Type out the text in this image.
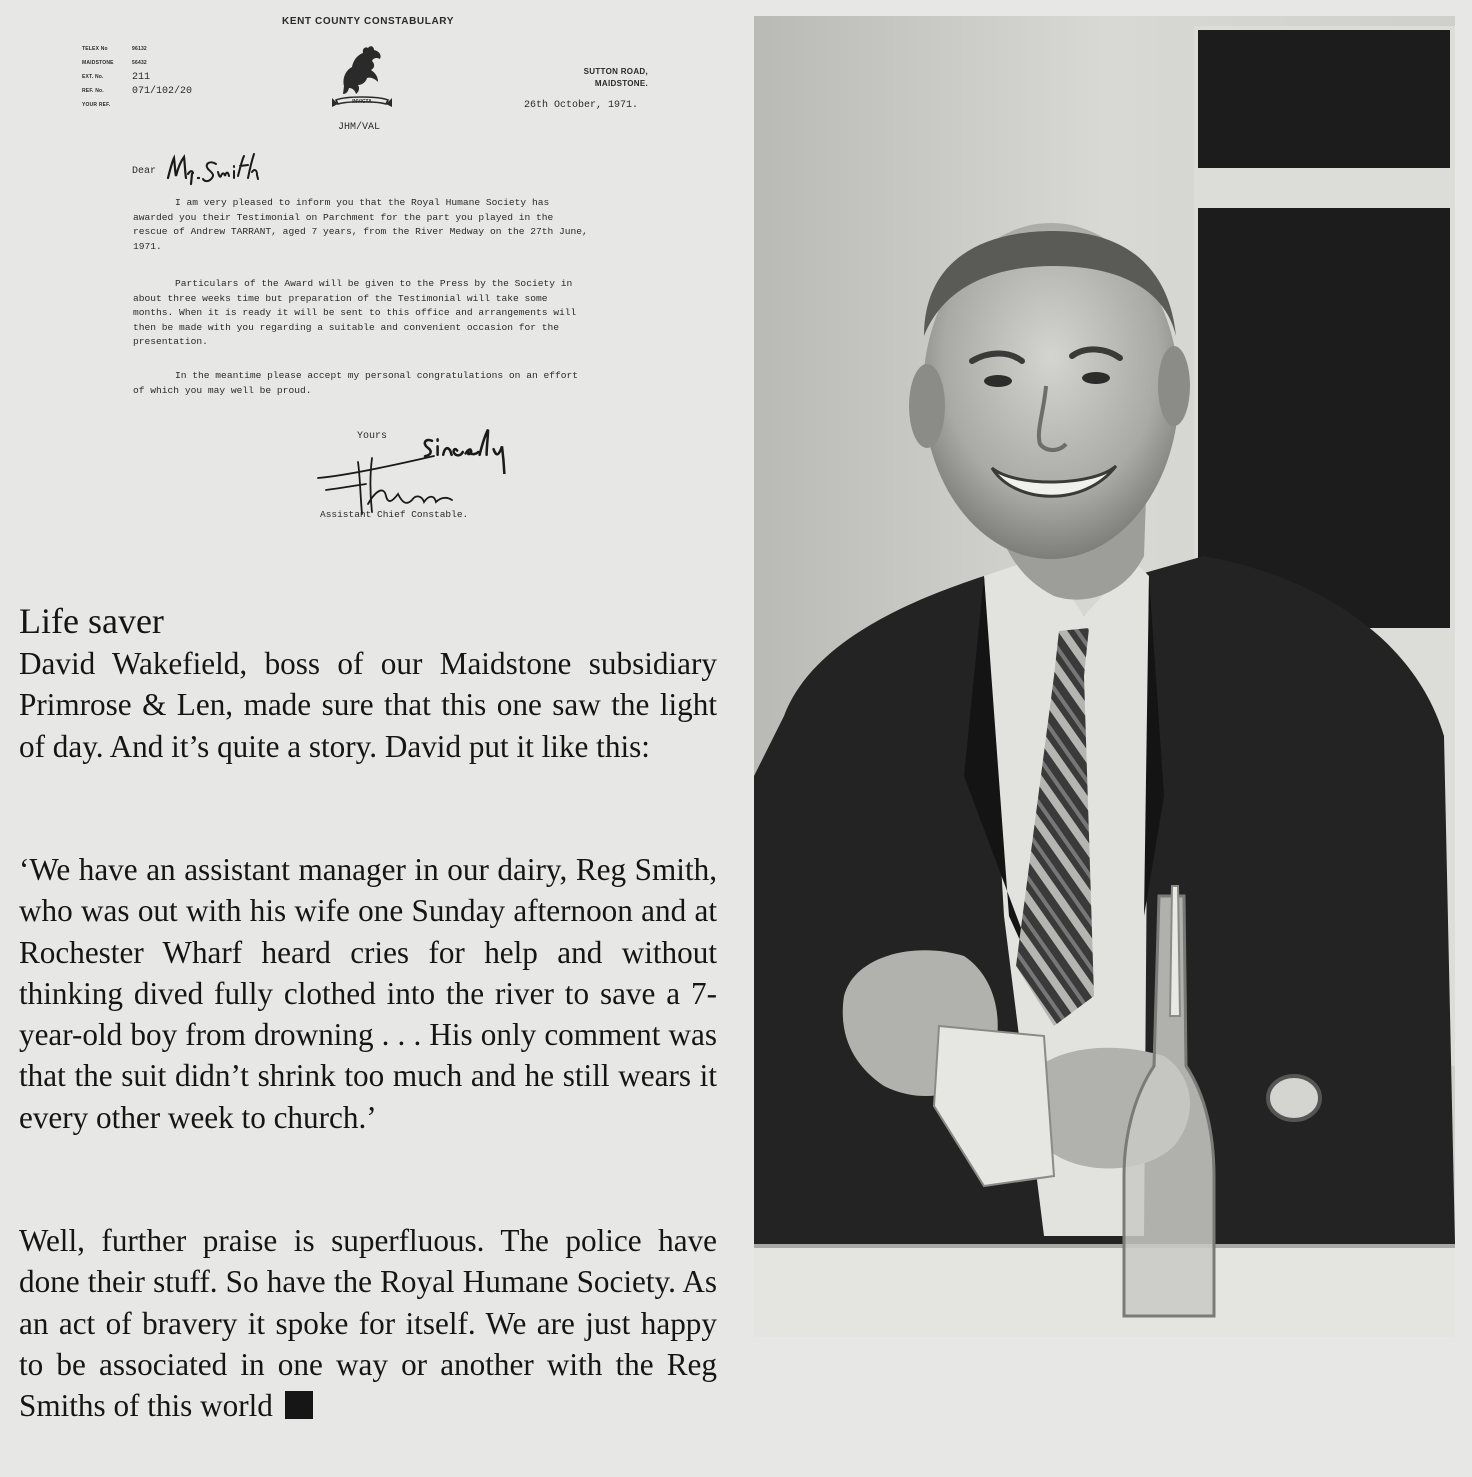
KENT COUNTY CONSTABULARY
TELEX No	96132
MAIDSTONE	56432
EXT. No.	211
REF. No.	071/102/20
YOUR REF.	INVICTA
JHM/VAL
SUTTON ROAD,
MAIDSTONE.
26th October, 1971.
Dear

I am very pleased to inform you that the Royal Humane Society has awarded you their Testimonial on Parchment for the part you played in the rescue of Andrew TARRANT, aged 7 years, from the River Medway on the 27th June, 1971.

Particulars of the Award will be given to the Press by the Society in about three weeks time but preparation of the Testimonial will take some months. When it is ready it will be sent to this office and arrangements will then be made with you regarding a suitable and convenient occasion for the presentation.

In the meantime please accept my personal congratulations on an effort of which you may well be proud.

Yours
Assistant Chief Constable.
Life saver

David Wakefield, boss of our Maidstone subsidiary Primrose & Len, made sure that this one saw the light of day. And it’s quite a story. David put it like this:

‘We have an assistant manager in our dairy, Reg Smith, who was out with his wife one Sunday afternoon and at Rochester Wharf heard cries for help and without thinking dived fully clothed into the river to save a 7-year-old boy from drowning . . . His only comment was that the suit didn’t shrink too much and he still wears it every other week to church.’

Well, further praise is superfluous. The police have done their stuff. So have the Royal Humane Society. As an act of bravery it spoke for itself. We are just happy to be associated in one way or another with the Reg Smiths of this world
